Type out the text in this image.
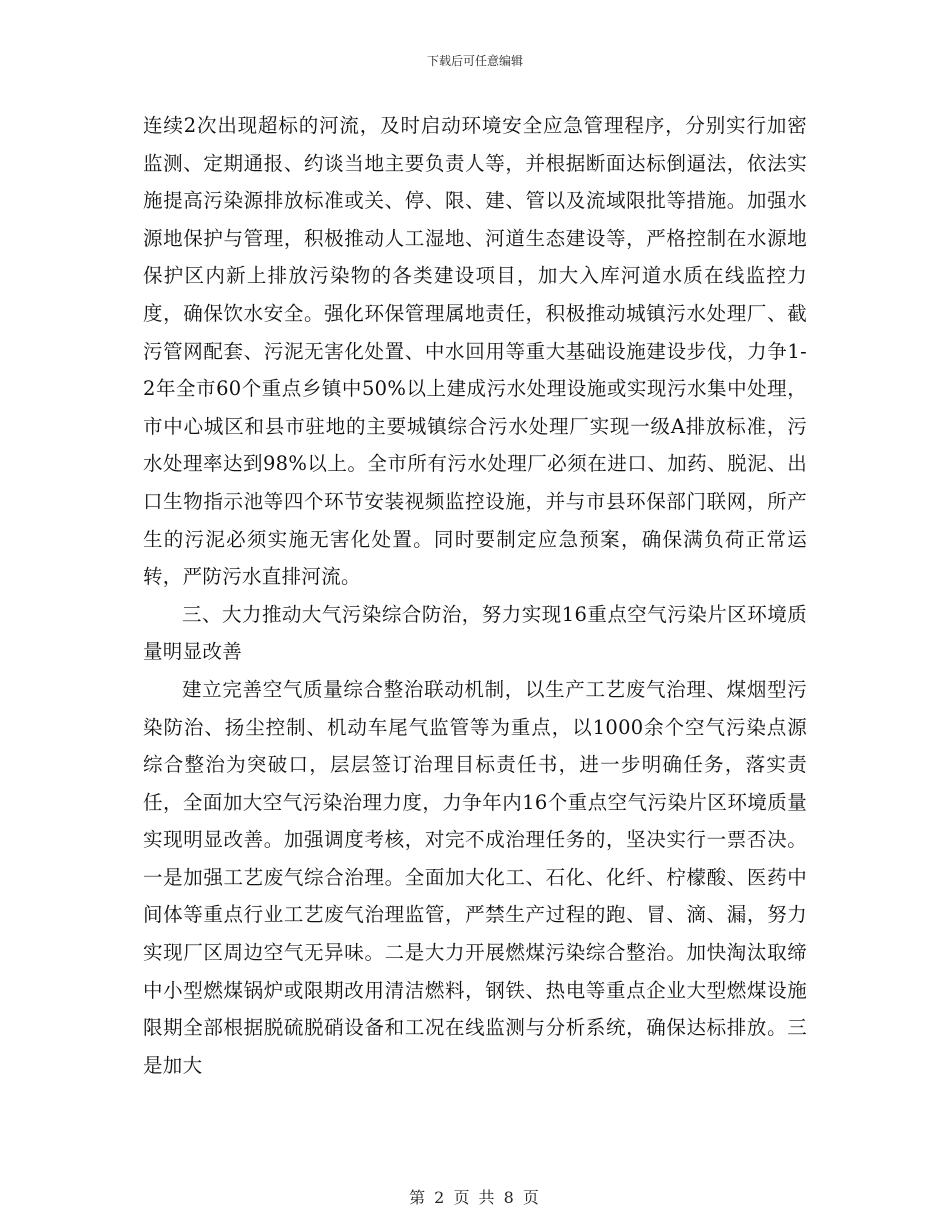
下载后可任意编辑

连续2次出现超标的河流，及时启动环境安全应急管理程序，分别实行加密监测、定期通报、约谈当地主要负责人等，并根据断面达标倒逼法，依法实施提高污染源排放标准或关、停、限、建、管以及流域限批等措施。加强水源地保护与管理，积极推动人工湿地、河道生态建设等，严格控制在水源地保护区内新上排放污染物的各类建设项目，加大入库河道水质在线监控力度，确保饮水安全。强化环保管理属地责任，积极推动城镇污水处理厂、截污管网配套、污泥无害化处置、中水回用等重大基础设施建设步伐，力争1-2年全市60个重点乡镇中50%以上建成污水处理设施或实现污水集中处理，市中心城区和县市驻地的主要城镇综合污水处理厂实现一级A排放标准，污水处理率达到98%以上。全市所有污水处理厂必须在进口、加药、脱泥、出口生物指示池等四个环节安装视频监控设施，并与市县环保部门联网，所产生的污泥必须实施无害化处置。同时要制定应急预案，确保满负荷正常运转，严防污水直排河流。

三、大力推动大气污染综合防治，努力实现16重点空气污染片区环境质量明显改善

建立完善空气质量综合整治联动机制，以生产工艺废气治理、煤烟型污染防治、扬尘控制、机动车尾气监管等为重点，以1000余个空气污染点源综合整治为突破口，层层签订治理目标责任书，进一步明确任务，落实责任，全面加大空气污染治理力度，力争年内16个重点空气污染片区环境质量实现明显改善。加强调度考核，对完不成治理任务的，坚决实行一票否决。一是加强工艺废气综合治理。全面加大化工、石化、化纤、柠檬酸、医药中间体等重点行业工艺废气治理监管，严禁生产过程的跑、冒、滴、漏，努力实现厂区周边空气无异味。二是大力开展燃煤污染综合整治。加快淘汰取缔中小型燃煤锅炉或限期改用清洁燃料，钢铁、热电等重点企业大型燃煤设施限期全部根据脱硫脱硝设备和工况在线监测与分析系统，确保达标排放。三是加大

第 2 页 共 8 页
